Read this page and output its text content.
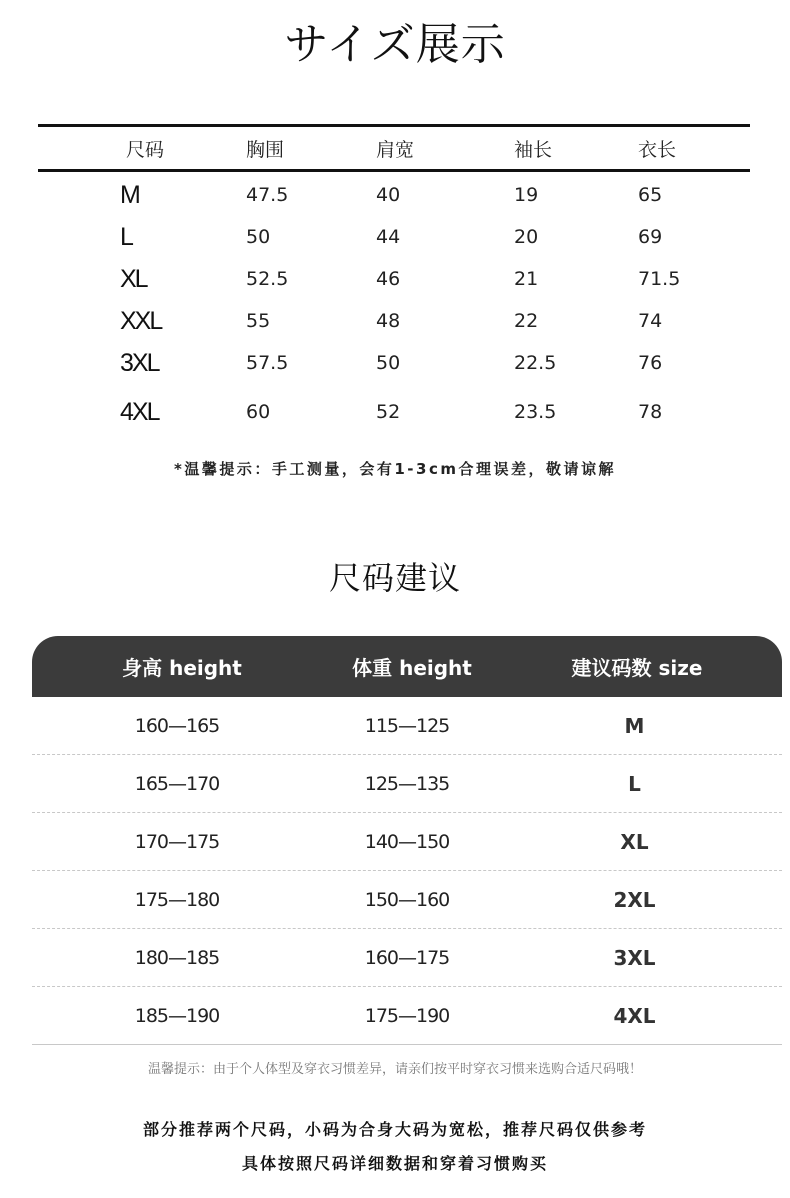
サイズ展示
尺码	胸围	肩宽	袖长	衣长
M	47.5	40	19	65
L	50	44	20	69
XL	52.5	46	21	71.5
XXL	55	48	22	74
3XL	57.5	50	22.5	76
4XL	60	52	23.5	78
*温馨提示：手工测量，会有1-3cm合理误差，敬请谅解
尺码建议
身高 height	体重 height	建议码数 size
160—165	115—125	M
165—170	125—135	L
170—175	140—150	XL
175—180	150—160	2XL
180—185	160—175	3XL
185—190	175—190	4XL
温馨提示：由于个人体型及穿衣习惯差异，请亲们按平时穿衣习惯来选购合适尺码哦！
部分推荐两个尺码，小码为合身大码为宽松，推荐尺码仅供参考
具体按照尺码详细数据和穿着习惯购买
